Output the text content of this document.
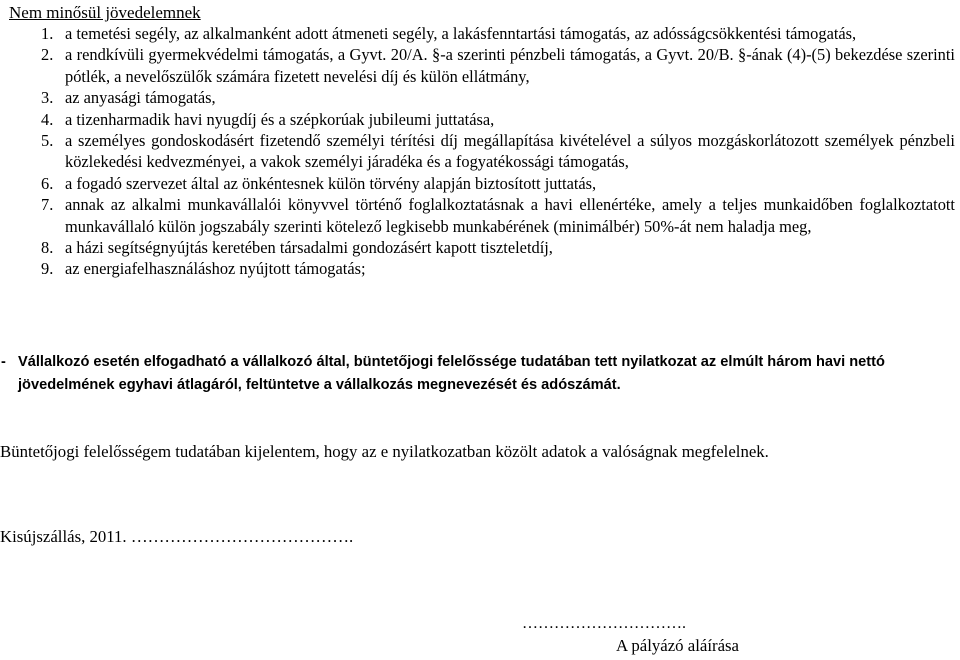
Nem minősül jövedelemnek
1. a temetési segély, az alkalmanként adott átmeneti segély, a lakásfenntartási támogatás, az adósságcsökkentési támogatás,
2. a rendkívüli gyermekvédelmi támogatás, a Gyvt. 20/A. §-a szerinti pénzbeli támogatás, a Gyvt. 20/B. §-ának (4)-(5) bekezdése szerinti pótlék, a nevelőszülők számára fizetett nevelési díj és külön ellátmány,
3. az anyasági támogatás,
4. a tizenharmadik havi nyugdíj és a szépkorúak jubileumi juttatása,
5. a személyes gondoskodásért fizetendő személyi térítési díj megállapítása kivételével a súlyos mozgáskorlátozott személyek pénzbeli közlekedési kedvezményei, a vakok személyi járadéka és a fogyatékossági támogatás,
6. a fogadó szervezet által az önkéntesnek külön törvény alapján biztosított juttatás,
7. annak az alkalmi munkavállalói könyvvel történő foglalkoztatásnak a havi ellenértéke, amely a teljes munkaidőben foglalkoztatott munkavállaló külön jogszabály szerinti kötelező legkisebb munkabérének (minimálbér) 50%-át nem haladja meg,
8. a házi segítségnyújtás keretében társadalmi gondozásért kapott tiszteletdíj,
9. az energiafelhasználáshoz nyújtott támogatás;
- Vállalkozó esetén elfogadható a vállalkozó által, büntetőjogi felelőssége tudatában tett nyilatkozat az elmúlt három havi nettó jövedelmének egyhavi átlagáról, feltüntetve a vállalkozás megnevezését és adószámát.
Büntetőjogi felelősségem tudatában kijelentem, hogy az e nyilatkozatban közölt adatok a valóságnak megfelelnek.
Kisújszállás, 2011. ………………………………….
………………………….
A pályázó aláírása
